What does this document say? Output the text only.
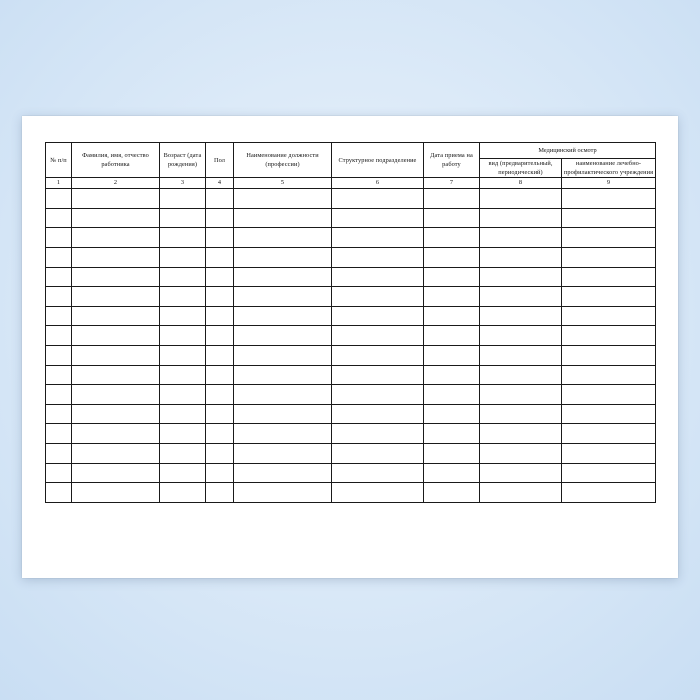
№ п/п	Фамилия, имя, отчество работника	Возраст (дата рождения)	Пол	Наименование должности (профессии)	Структурное подразделение	Дата приема на работу	Медицинский осмотр	
							вид (предварительный, периодический)	наименование лечебно-профилактического учреждения
1	2	3	4	5	6	7	8	9
